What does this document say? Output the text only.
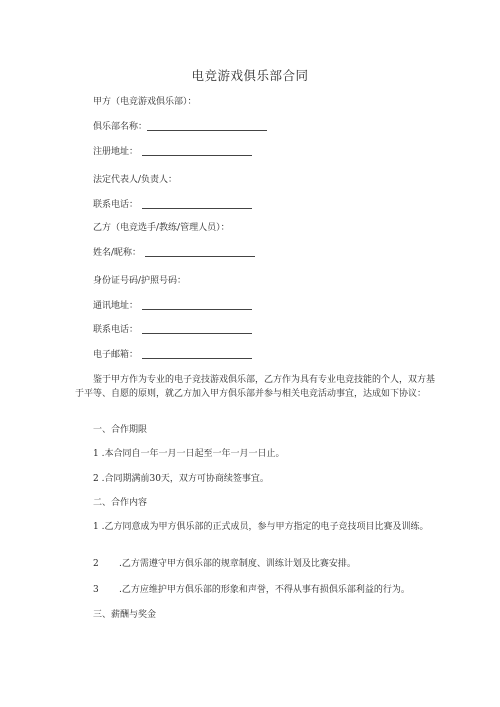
电竞游戏俱乐部合同
甲方（电竞游戏俱乐部）：
俱乐部名称：
注册地址：
法定代表人/负责人：
联系电话：
乙方（电竞选手/教练/管理人员）：
姓名/昵称：
身份证号码/护照号码：
通讯地址：
联系电话：
电子邮箱：
鉴于甲方作为专业的电子竞技游戏俱乐部，乙方作为具有专业电竞技能的个人，双方基于平等、自愿的原则，就乙方加入甲方俱乐部并参与相关电竞活动事宜，达成如下协议：
一、合作期限
1 .本合同自一年一月一日起至一年一月一日止。
2 .合同期满前30天，双方可协商续签事宜。
二、合作内容
1 .乙方同意成为甲方俱乐部的正式成员，参与甲方指定的电子竞技项目比赛及训练。
2 .乙方需遵守甲方俱乐部的规章制度、训练计划及比赛安排。
3 .乙方应维护甲方俱乐部的形象和声誉，不得从事有损俱乐部利益的行为。
三、薪酬与奖金
